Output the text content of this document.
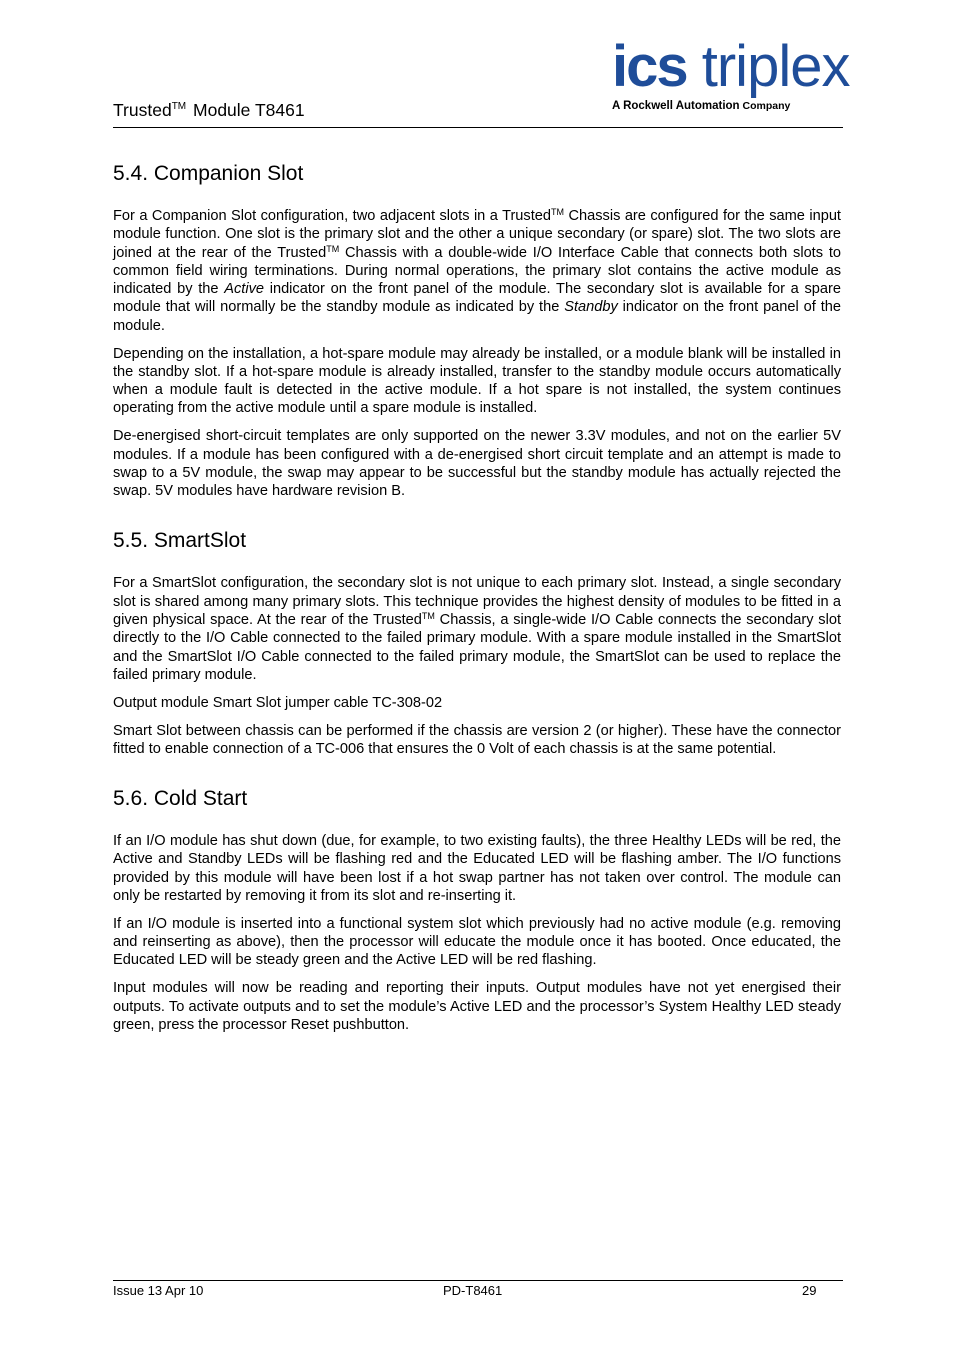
Trusted™ Module T8461
ics triplex
A Rockwell Automation Company
5.4. Companion Slot

For a Companion Slot configuration, two adjacent slots in a Trusted™ Chassis are configured for the same input module function. One slot is the primary slot and the other a unique secondary (or spare) slot. The two slots are joined at the rear of the Trusted™ Chassis with a double-wide I/O Interface Cable that connects both slots to common field wiring terminations. During normal operations, the primary slot contains the active module as indicated by the Active indicator on the front panel of the module. The secondary slot is available for a spare module that will normally be the standby module as indicated by the Standby indicator on the front panel of the module.

Depending on the installation, a hot-spare module may already be installed, or a module blank will be installed in the standby slot. If a hot-spare module is already installed, transfer to the standby module occurs automatically when a module fault is detected in the active module. If a hot spare is not installed, the system continues operating from the active module until a spare module is installed.

De-energised short-circuit templates are only supported on the newer 3.3V modules, and not on the earlier 5V modules. If a module has been configured with a de-energised short circuit template and an attempt is made to swap to a 5V module, the swap may appear to be successful but the standby module has actually rejected the swap. 5V modules have hardware revision B.

5.5. SmartSlot

For a SmartSlot configuration, the secondary slot is not unique to each primary slot. Instead, a single secondary slot is shared among many primary slots. This technique provides the highest density of modules to be fitted in a given physical space. At the rear of the Trusted™ Chassis, a single-wide I/O Cable connects the secondary slot directly to the I/O Cable connected to the failed primary module. With a spare module installed in the SmartSlot and the SmartSlot I/O Cable connected to the failed primary module, the SmartSlot can be used to replace the failed primary module.

Output module Smart Slot jumper cable TC-308-02

Smart Slot between chassis can be performed if the chassis are version 2 (or higher). These have the connector fitted to enable connection of a TC-006 that ensures the 0 Volt of each chassis is at the same potential.

5.6. Cold Start

If an I/O module has shut down (due, for example, to two existing faults), the three Healthy LEDs will be red, the Active and Standby LEDs will be flashing red and the Educated LED will be flashing amber. The I/O functions provided by this module will have been lost if a hot swap partner has not taken over control. The module can only be restarted by removing it from its slot and re-inserting it.

If an I/O module is inserted into a functional system slot which previously had no active module (e.g. removing and reinserting as above), then the processor will educate the module once it has booted. Once educated, the Educated LED will be steady green and the Active LED will be red flashing.

Input modules will now be reading and reporting their inputs. Output modules have not yet energised their outputs. To activate outputs and to set the module’s Active LED and the processor’s System Healthy LED steady green, press the processor Reset pushbutton.

Issue 13 Apr 10	PD-T8461	29
